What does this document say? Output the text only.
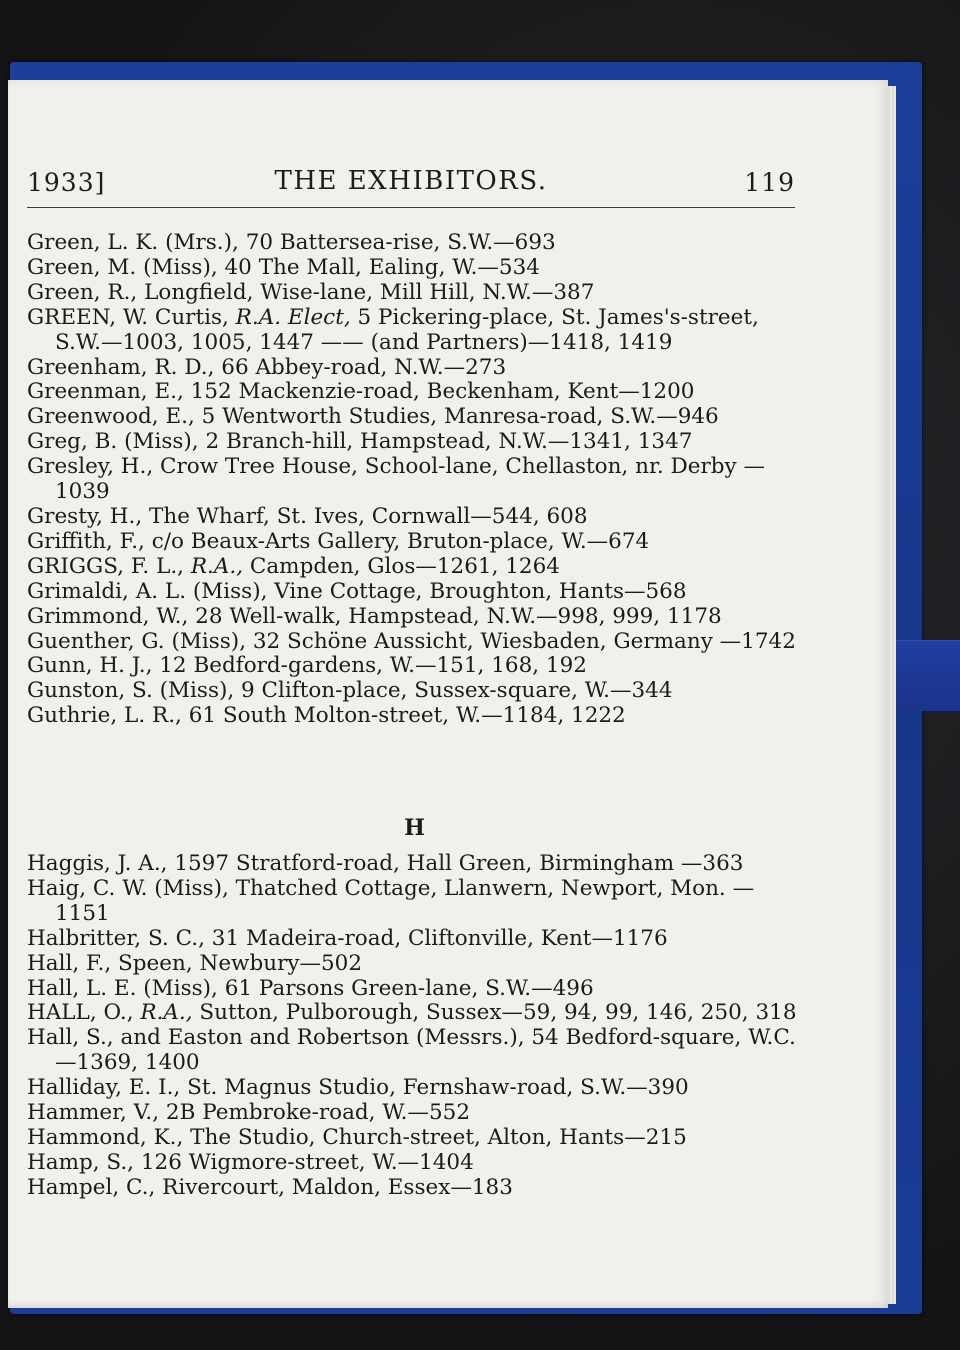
1933]	THE EXHIBITORS.	119

Green, L. K. (Mrs.), 70 Battersea-rise, S.W.—693

Green, M. (Miss), 40 The Mall, Ealing, W.—534

Green, R., Longfield, Wise-lane, Mill Hill, N.W.—387

GREEN, W. Curtis, R.A. Elect, 5 Pickering-place, St. James's-street, S.W.—1003, 1005, 1447 —— (and Partners)—1418, 1419

Greenham, R. D., 66 Abbey-road, N.W.—273

Greenman, E., 152 Mackenzie-road, Beckenham, Kent—1200

Greenwood, E., 5 Wentworth Studies, Manresa-road, S.W.—946

Greg, B. (Miss), 2 Branch-hill, Hampstead, N.W.—1341, 1347

Gresley, H., Crow Tree House, School-lane, Chellaston, nr. Derby —1039

Gresty, H., The Wharf, St. Ives, Cornwall—544, 608

Griffith, F., c/o Beaux-Arts Gallery, Bruton-place, W.—674

GRIGGS, F. L., R.A., Campden, Glos—1261, 1264

Grimaldi, A. L. (Miss), Vine Cottage, Broughton, Hants—568

Grimmond, W., 28 Well-walk, Hampstead, N.W.—998, 999, 1178

Guenther, G. (Miss), 32 Schöne Aussicht, Wiesbaden, Germany —1742

Gunn, H. J., 12 Bedford-gardens, W.—151, 168, 192

Gunston, S. (Miss), 9 Clifton-place, Sussex-square, W.—344

Guthrie, L. R., 61 South Molton-street, W.—1184, 1222

H

Haggis, J. A., 1597 Stratford-road, Hall Green, Birmingham —363

Haig, C. W. (Miss), Thatched Cottage, Llanwern, Newport, Mon. —1151

Halbritter, S. C., 31 Madeira-road, Cliftonville, Kent—1176

Hall, F., Speen, Newbury—502

Hall, L. E. (Miss), 61 Parsons Green-lane, S.W.—496

HALL, O., R.A., Sutton, Pulborough, Sussex—59, 94, 99, 146, 250, 318

Hall, S., and Easton and Robertson (Messrs.), 54 Bedford-square, W.C.—1369, 1400

Halliday, E. I., St. Magnus Studio, Fernshaw-road, S.W.—390

Hammer, V., 2B Pembroke-road, W.—552

Hammond, K., The Studio, Church-street, Alton, Hants—215

Hamp, S., 126 Wigmore-street, W.—1404

Hampel, C., Rivercourt, Maldon, Essex—183
